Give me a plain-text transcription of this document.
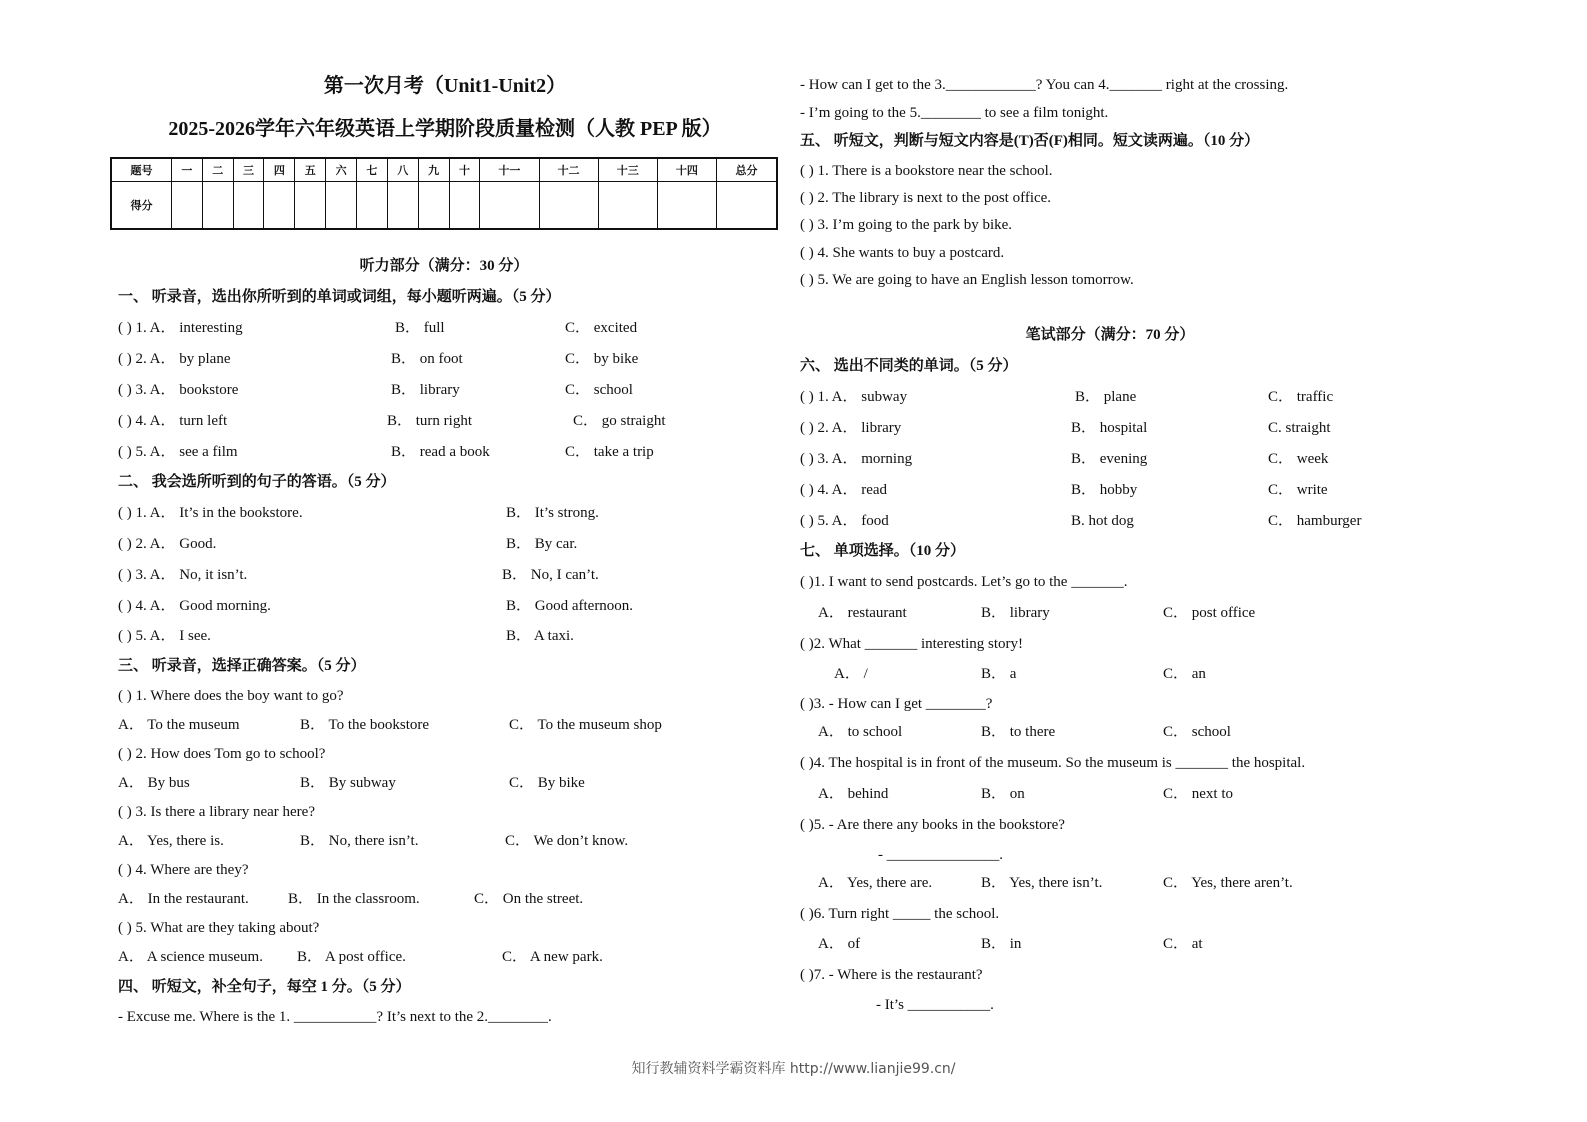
第一次月考（Unit1-Unit2）
2025-2026学年六年级英语上学期阶段质量检测（人教 PEP 版）
题号	一	二	三	四	五	六	七	八	九	十	十一	十二	十三	十四	总分
得分															
听力部分（满分：30 分）
一、 听录音，选出你所听到的单词或词组，每小题听两遍。（5 分）
( ) 1. A． interesting	B． full	C． excited
( ) 2. A． by plane	B． on foot	C． by bike
( ) 3. A． bookstore	B． library	C． school
( ) 4. A． turn left	B． turn right	C． go straight
( ) 5. A． see a film	B． read a book	C． take a trip
二、 我会选所听到的句子的答语。（5 分）
( ) 1. A． It’s in the bookstore.	B． It’s strong.
( ) 2. A． Good.	B． By car.
( ) 3. A． No, it isn’t.	B． No, I can’t.
( ) 4. A． Good morning.	B． Good afternoon.
( ) 5. A． I see.	B． A taxi.
三、 听录音，选择正确答案。（5 分）
( ) 1. Where does the boy want to go?
A． To the museum	B． To the bookstore	C． To the museum shop
( ) 2. How does Tom go to school?
A． By bus	B． By subway	C． By bike
( ) 3. Is there a library near here?
A． Yes, there is.	B． No, there isn’t.	C． We don’t know.
( ) 4. Where are they?
A． In the restaurant.	B． In the classroom.	C． On the street.
( ) 5. What are they taking about?
A． A science museum. B． A post office.	C． A new park.
四、 听短文，补全句子，每空 1 分。（5 分）
- Excuse me. Where is the 1. ___________? It’s next to the 2.________.
- How can I get to the 3.____________? You can 4._______ right at the crossing.
- I’m going to the 5.________ to see a film tonight.
五、 听短文，判断与短文内容是(T)否(F)相同。短文读两遍。（10 分）
( ) 1. There is a bookstore near the school.
( ) 2. The library is next to the post office.
( ) 3. I’m going to the park by bike.
( ) 4. She wants to buy a postcard.
( ) 5. We are going to have an English lesson tomorrow.
笔试部分（满分：70 分）
六、 选出不同类的单词。（5 分）
( ) 1. A． subway	B． plane	C． traffic
( ) 2. A． library	B． hospital	C. straight
( ) 3. A． morning	B． evening	C． week
( ) 4. A． read	B． hobby	C． write
( ) 5. A． food	B. hot dog	C． hamburger
七、 单项选择。（10 分）
( )1. I want to send postcards. Let’s go to the _______.
A． restaurant	B． library	C． post office
( )2. What _______ interesting story!
A． /	B． a	C． an
( )3. - How can I get ________?
A． to school	B． to there	C． school
( )4. The hospital is in front of the museum. So the museum is _______ the hospital.
A． behind	B． on	C． next to
( )5. - Are there any books in the bookstore?
- _______________.
A． Yes, there are.	B． Yes, there isn’t.	C． Yes, there aren’t.
( )6. Turn right _____ the school.
A． of	B． in	C． at
( )7. - Where is the restaurant?
- It’s ___________.
知行教辅资料学霸资料库 http://www.lianjie99.cn/
